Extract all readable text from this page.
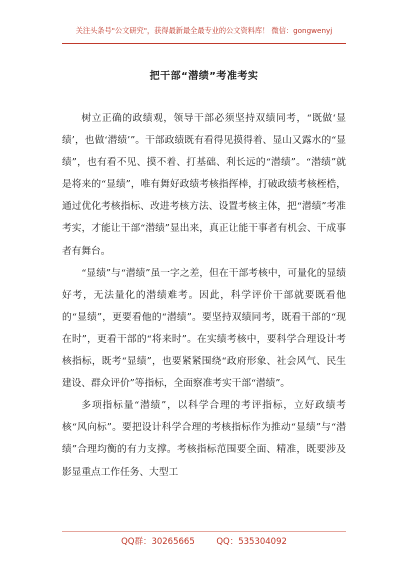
关注头条号"公文研究"，获得最新最全最专业的公文资料库！ 微信：gongwenyj
把干部“潜绩”考准考实

树立正确的政绩观，领导干部必须坚持双绩同考，“既做‘显绩’，也做‘潜绩’”。干部政绩既有看得见摸得着、显山又露水的“显绩”，也有看不见、摸不着、打基础、利长远的“潜绩”。“潜绩”就是将来的“显绩”，唯有舞好政绩考核指挥棒，打破政绩考核桎梏，通过优化考核指标、改进考核方法、设置考核主体，把“潜绩”考准考实，才能让干部“潜绩”显出来，真正让能干事者有机会、干成事者有舞台。

“显绩”与“潜绩”虽一字之差，但在干部考核中，可量化的显绩好考，无法量化的潜绩难考。因此，科学评价干部就要既看他的“显绩”，更要看他的“潜绩”。要坚持双绩同考，既看干部的“现在时”，更看干部的“将来时”。在实绩考核中，要科学合理设计考核指标，既考“显绩”，也要紧紧围绕“政府形象、社会风气、民生建设、群众评价”等指标，全面察准考实干部“潜绩”。

多项指标量“潜绩”，以科学合理的考评指标，立好政绩考核“风向标”。要把设计科学合理的考核指标作为推动“显绩”与“潜绩”合理均衡的有力支撑。考核指标范围要全面、精准，既要涉及影显重点工作任务、大型工

QQ群：30265665        QQ：535304092
